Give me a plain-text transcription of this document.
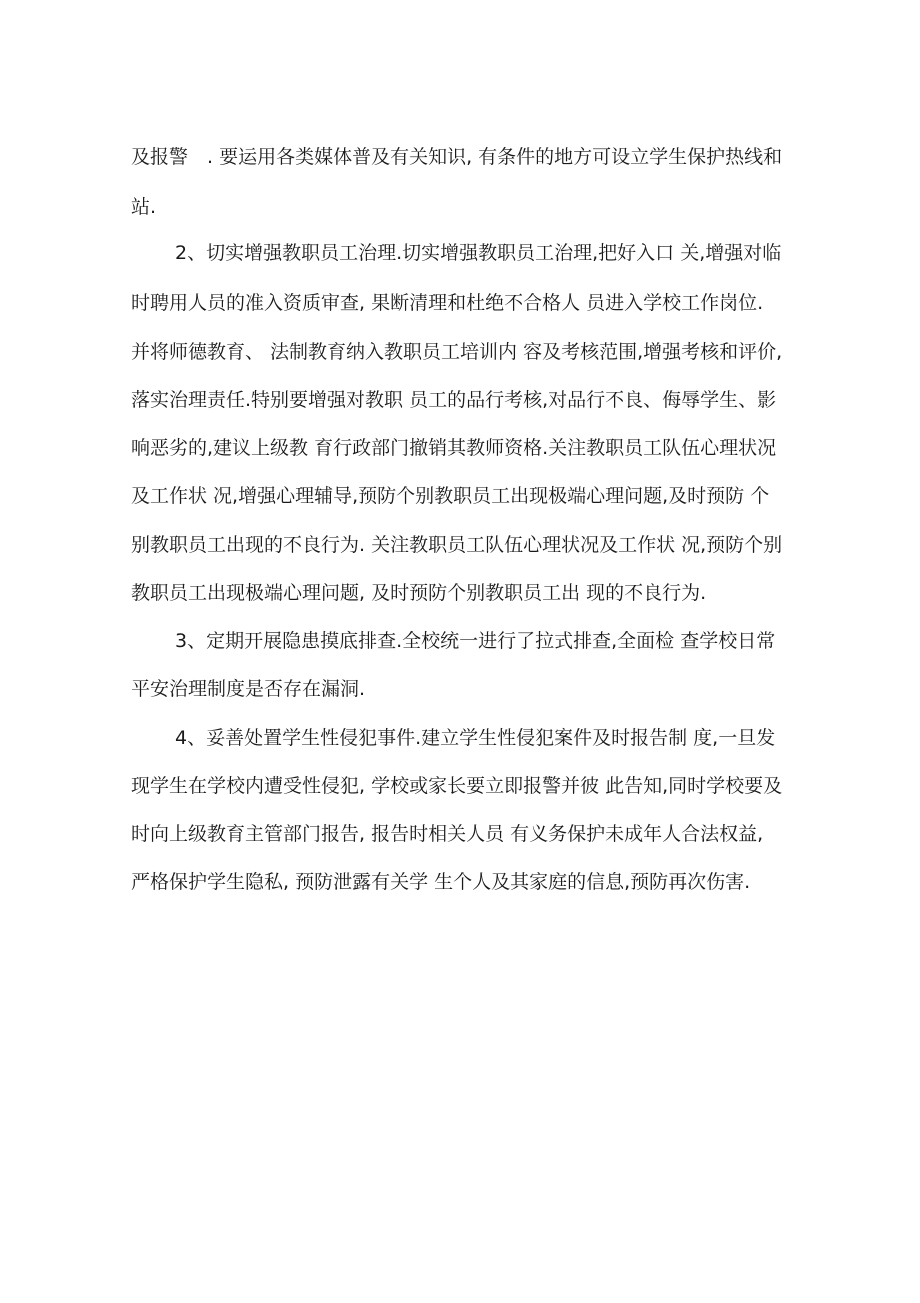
及报警　. 要运用各类媒体普及有关知识, 有条件的地方可设立学生保护热线和
站.
2、切实增强教职员工治理.切实增强教职员工治理,把好入口 关,增强对临
时聘用人员的准入资质审查, 果断清理和杜绝不合格人 员进入学校工作岗位.
并将师德教育、 法制教育纳入教职员工培训内 容及考核范围,增强考核和评价,
落实治理责任.特别要增强对教职 员工的品行考核,对品行不良、侮辱学生、影
响恶劣的,建议上级教 育行政部门撤销其教师资格.关注教职员工队伍心理状况
及工作状 况,增强心理辅导,预防个别教职员工出现极端心理问题,及时预防 个
别教职员工出现的不良行为. 关注教职员工队伍心理状况及工作状 况,预防个别
教职员工出现极端心理问题, 及时预防个别教职员工出 现的不良行为.
3、定期开展隐患摸底排查.全校统一进行了拉式排查,全面检 查学校日常
平安治理制度是否存在漏洞.
4、妥善处置学生性侵犯事件.建立学生性侵犯案件及时报告制 度,一旦发
现学生在学校内遭受性侵犯, 学校或家长要立即报警并彼 此告知,同时学校要及
时向上级教育主管部门报告, 报告时相关人员 有义务保护未成年人合法权益,
严格保护学生隐私, 预防泄露有关学 生个人及其家庭的信息,预防再次伤害.
